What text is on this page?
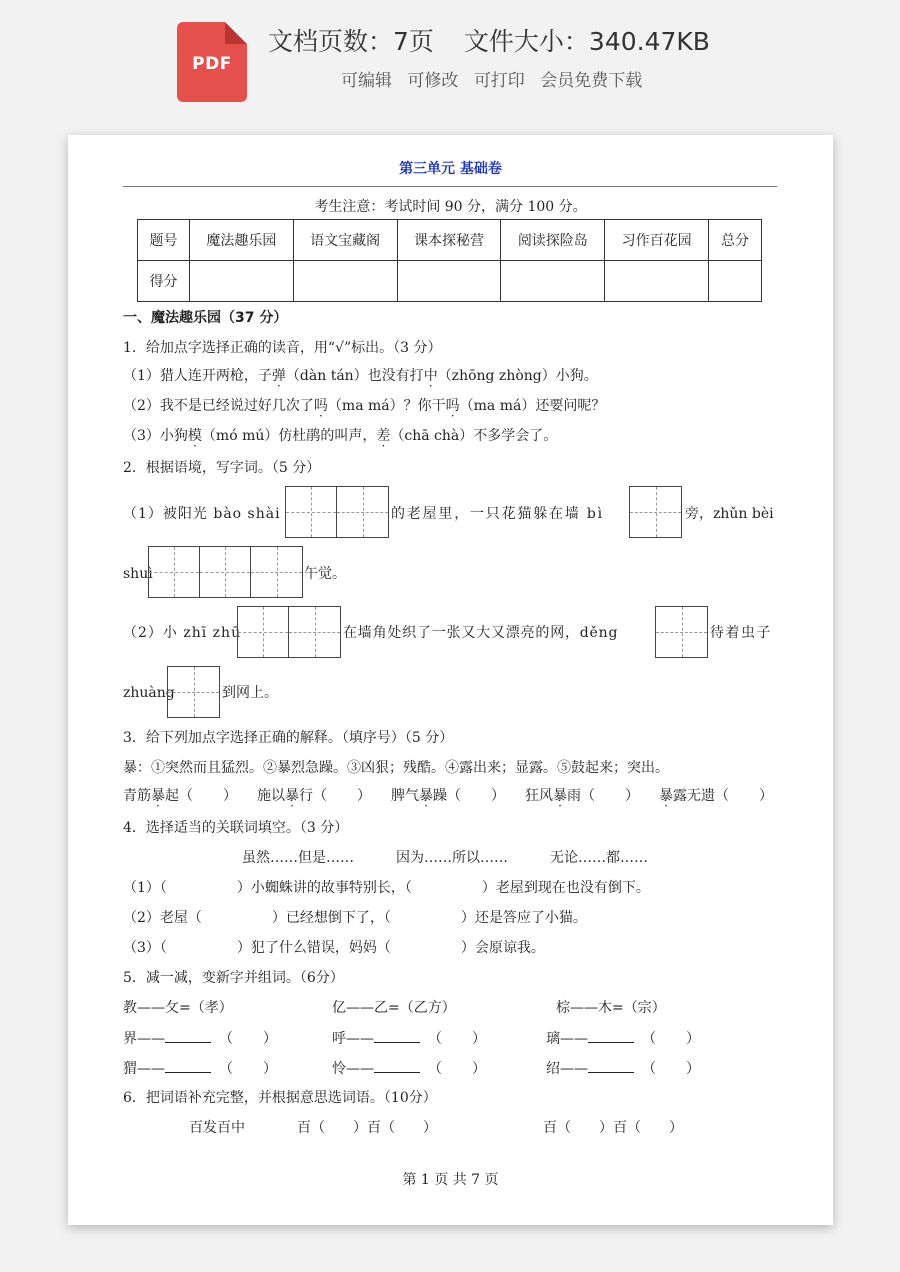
PDF
文档页数：7页 文件大小：340.47KB
可编辑 可修改 可打印 会员免费下载
第三单元 基础卷
考生注意：考试时间 90 分，满分 100 分。
题号	魔法趣乐园	语文宝藏阁	课本探秘营	阅读探险岛	习作百花园	总分
得分						
一、魔法趣乐园（37 分）
1．给加点字选择正确的读音，用“√”标出。（3 分）
（1）猎人连开两枪，子弹（dàn tán）也没有打中（zhōng zhòng）小狗。
（2）我不是已经说过好几次了吗（ma má）？你干吗（ma má）还要问呢？
（3）小狗模（mó mú）仿杜鹃的叫声，差（chā chà）不多学会了。
2．根据语境，写字词。（5 分）
（1）被阳光 bào shài	的老屋里，一只花猫躲在墙 bì	旁，zhǔn bèi
shuì	午觉。
（2）小 zhī zhū	在墙角处织了一张又大又漂亮的网，děng	待着虫子
zhuàng	到网上。
3．给下列加点字选择正确的解释。（填序号）（5 分）
暴：①突然而且猛烈。②暴烈急躁。③凶狠；残酷。④露出来；显露。⑤鼓起来；突出。
青筋暴起（ ） 施以暴行（ ） 脾气暴躁（ ） 狂风暴雨（ ） 暴露无遗（ ）
4．选择适当的关联词填空。（3 分）
虽然……但是……	因为……所以……	无论……都……
（1）（	）小蜘蛛讲的故事特别长，（	）老屋到现在也没有倒下。
（2）老屋（	）已经想倒下了，（	）还是答应了小猫。
（3）（	）犯了什么错误，妈妈（	）会原谅我。
5．减一减，变新字并组词。（6分）
教——攵=（孝）	亿——乙=（乙方）	棕——木=（宗）
界——	（ ）	呼——	（ ）	璃——	（ ）
猬——	（ ）	怜——	（ ）	绍——	（ ）
6．把词语补充完整，并根据意思选词语。（10分）
百发百中	百（ ）百（ ）	百（ ）百（ ）
第 1 页 共 7 页
